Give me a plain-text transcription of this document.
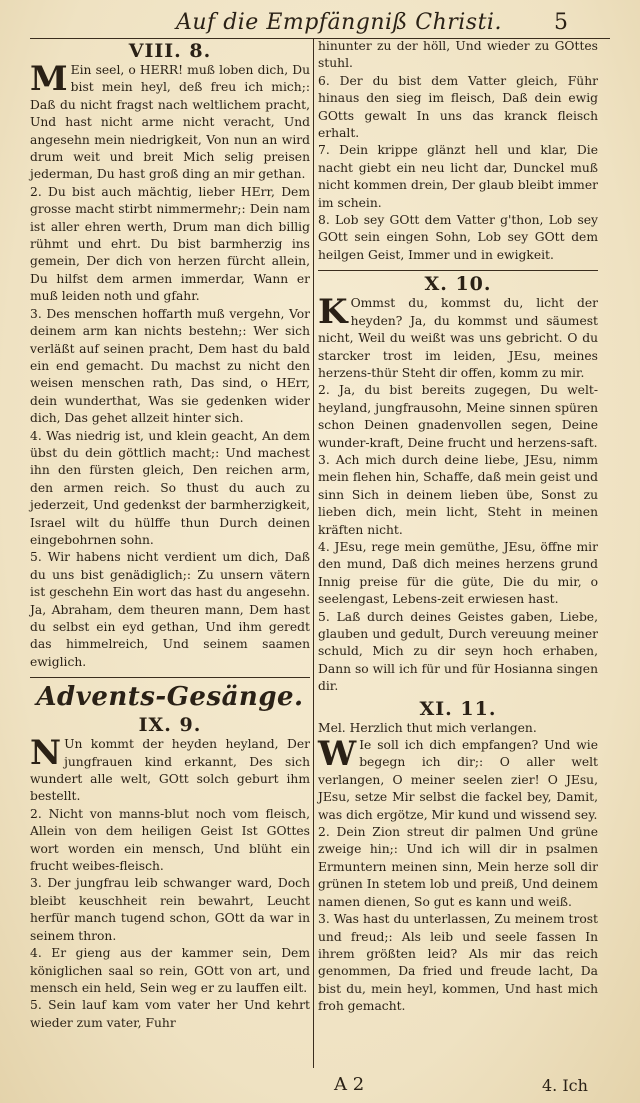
Auf die Empfängniß Christi. 5
VIII. 8.

M Ein seel, o HERR! muß loben dich, Du bist mein heyl, deß freu ich mich;: Daß du nicht fragst nach weltlichem pracht, Und hast nicht arme nicht veracht, Und angesehn mein niedrigkeit, Von nun an wird drum weit und breit Mich selig preisen jederman, Du hast groß ding an mir gethan.

2. Du bist auch mächtig, lieber HErr, Dem grosse macht stirbt nimmermehr;: Dein nam ist aller ehren werth, Drum man dich billig rühmt und ehrt. Du bist barmherzig ins gemein, Der dich von herzen fürcht allein, Du hilfst dem armen immerdar, Wann er muß leiden noth und gfahr.

3. Des menschen hoffarth muß vergehn, Vor deinem arm kan nichts bestehn;: Wer sich verläßt auf seinen pracht, Dem hast du bald ein end gemacht. Du machst zu nicht den weisen menschen rath, Das sind, o HErr, dein wunderthat, Was sie gedenken wider dich, Das gehet allzeit hinter sich.

4. Was niedrig ist, und klein geacht, An dem übst du dein göttlich macht;: Und machest ihn den fürsten gleich, Den reichen arm, den armen reich. So thust du auch zu jederzeit, Und gedenkst der barmherzigkeit, Israel wilt du hülffe thun Durch deinen eingebohrnen sohn.

5. Wir habens nicht verdient um dich, Daß du uns bist genädiglich;: Zu unsern vätern ist geschehn Ein wort das hast du angesehn. Ja, Abraham, dem theuren mann, Dem hast du selbst ein eyd gethan, Und ihm geredt das himmelreich, Und seinem saamen ewiglich.

Advents-Gesänge.
IX. 9.

N Un kommt der heyden heyland, Der jungfrauen kind erkannt, Des sich wundert alle welt, GOtt solch geburt ihm bestellt.

2. Nicht von manns-blut noch vom fleisch, Allein von dem heiligen Geist Ist GOttes wort worden ein mensch, Und blüht ein frucht weibes-fleisch.

3. Der jungfrau leib schwanger ward, Doch bleibt keuschheit rein bewahrt, Leucht herfür manch tugend schon, GOtt da war in seinem thron.

4. Er gieng aus der kammer sein, Dem königlichen saal so rein, GOtt von art, und mensch ein held, Sein weg er zu lauffen eilt.

5. Sein lauf kam vom vater her Und kehrt wieder zum vater, Fuhr

hinunter zu der höll, Und wieder zu GOttes stuhl.

6. Der du bist dem Vatter gleich, Führ hinaus den sieg im fleisch, Daß dein ewig GOtts gewalt In uns das kranck fleisch erhalt.

7. Dein krippe glänzt hell und klar, Die nacht giebt ein neu licht dar, Dunckel muß nicht kommen drein, Der glaub bleibt immer im schein.

8. Lob sey GOtt dem Vatter g'thon, Lob sey GOtt sein eingen Sohn, Lob sey GOtt dem heilgen Geist, Immer und in ewigkeit.

X. 10.

K Ommst du, kommst du, licht der heyden? Ja, du kommst und säumest nicht, Weil du weißt was uns gebricht. O du starcker trost im leiden, JEsu, meines herzens-thür Steht dir offen, komm zu mir.

2. Ja, du bist bereits zugegen, Du welt-heyland, jungfrausohn, Meine sinnen spüren schon Deinen gnadenvollen segen, Deine wunder-kraft, Deine frucht und herzens-saft.

3. Ach mich durch deine liebe, JEsu, nimm mein flehen hin, Schaffe, daß mein geist und sinn Sich in deinem lieben übe, Sonst zu lieben dich, mein licht, Steht in meinen kräften nicht.

4. JEsu, rege mein gemüthe, JEsu, öffne mir den mund, Daß dich meines herzens grund Innig preise für die güte, Die du mir, o seelengast, Lebens-zeit erwiesen hast.

5. Laß durch deines Geistes gaben, Liebe, glauben und gedult, Durch vereuung meiner schuld, Mich zu dir seyn hoch erhaben, Dann so will ich für und für Hosianna singen dir.

XI. 11.

Mel. Herzlich thut mich verlangen.

W Ie soll ich dich empfangen? Und wie begegn ich dir;: O aller welt verlangen, O meiner seelen zier! O JEsu, JEsu, setze Mir selbst die fackel bey, Damit, was dich ergötze, Mir kund und wissend sey.

2. Dein Zion streut dir palmen Und grüne zweige hin;: Und ich will dir in psalmen Ermuntern meinen sinn, Mein herze soll dir grünen In stetem lob und preiß, Und deinem namen dienen, So gut es kann und weiß.

3. Was hast du unterlassen, Zu meinem trost und freud;: Als leib und seele fassen In ihrem größten leid? Als mir das reich genommen, Da fried und freude lacht, Da bist du, mein heyl, kommen, Und hast mich froh gemacht.

A 2	4. Ich
